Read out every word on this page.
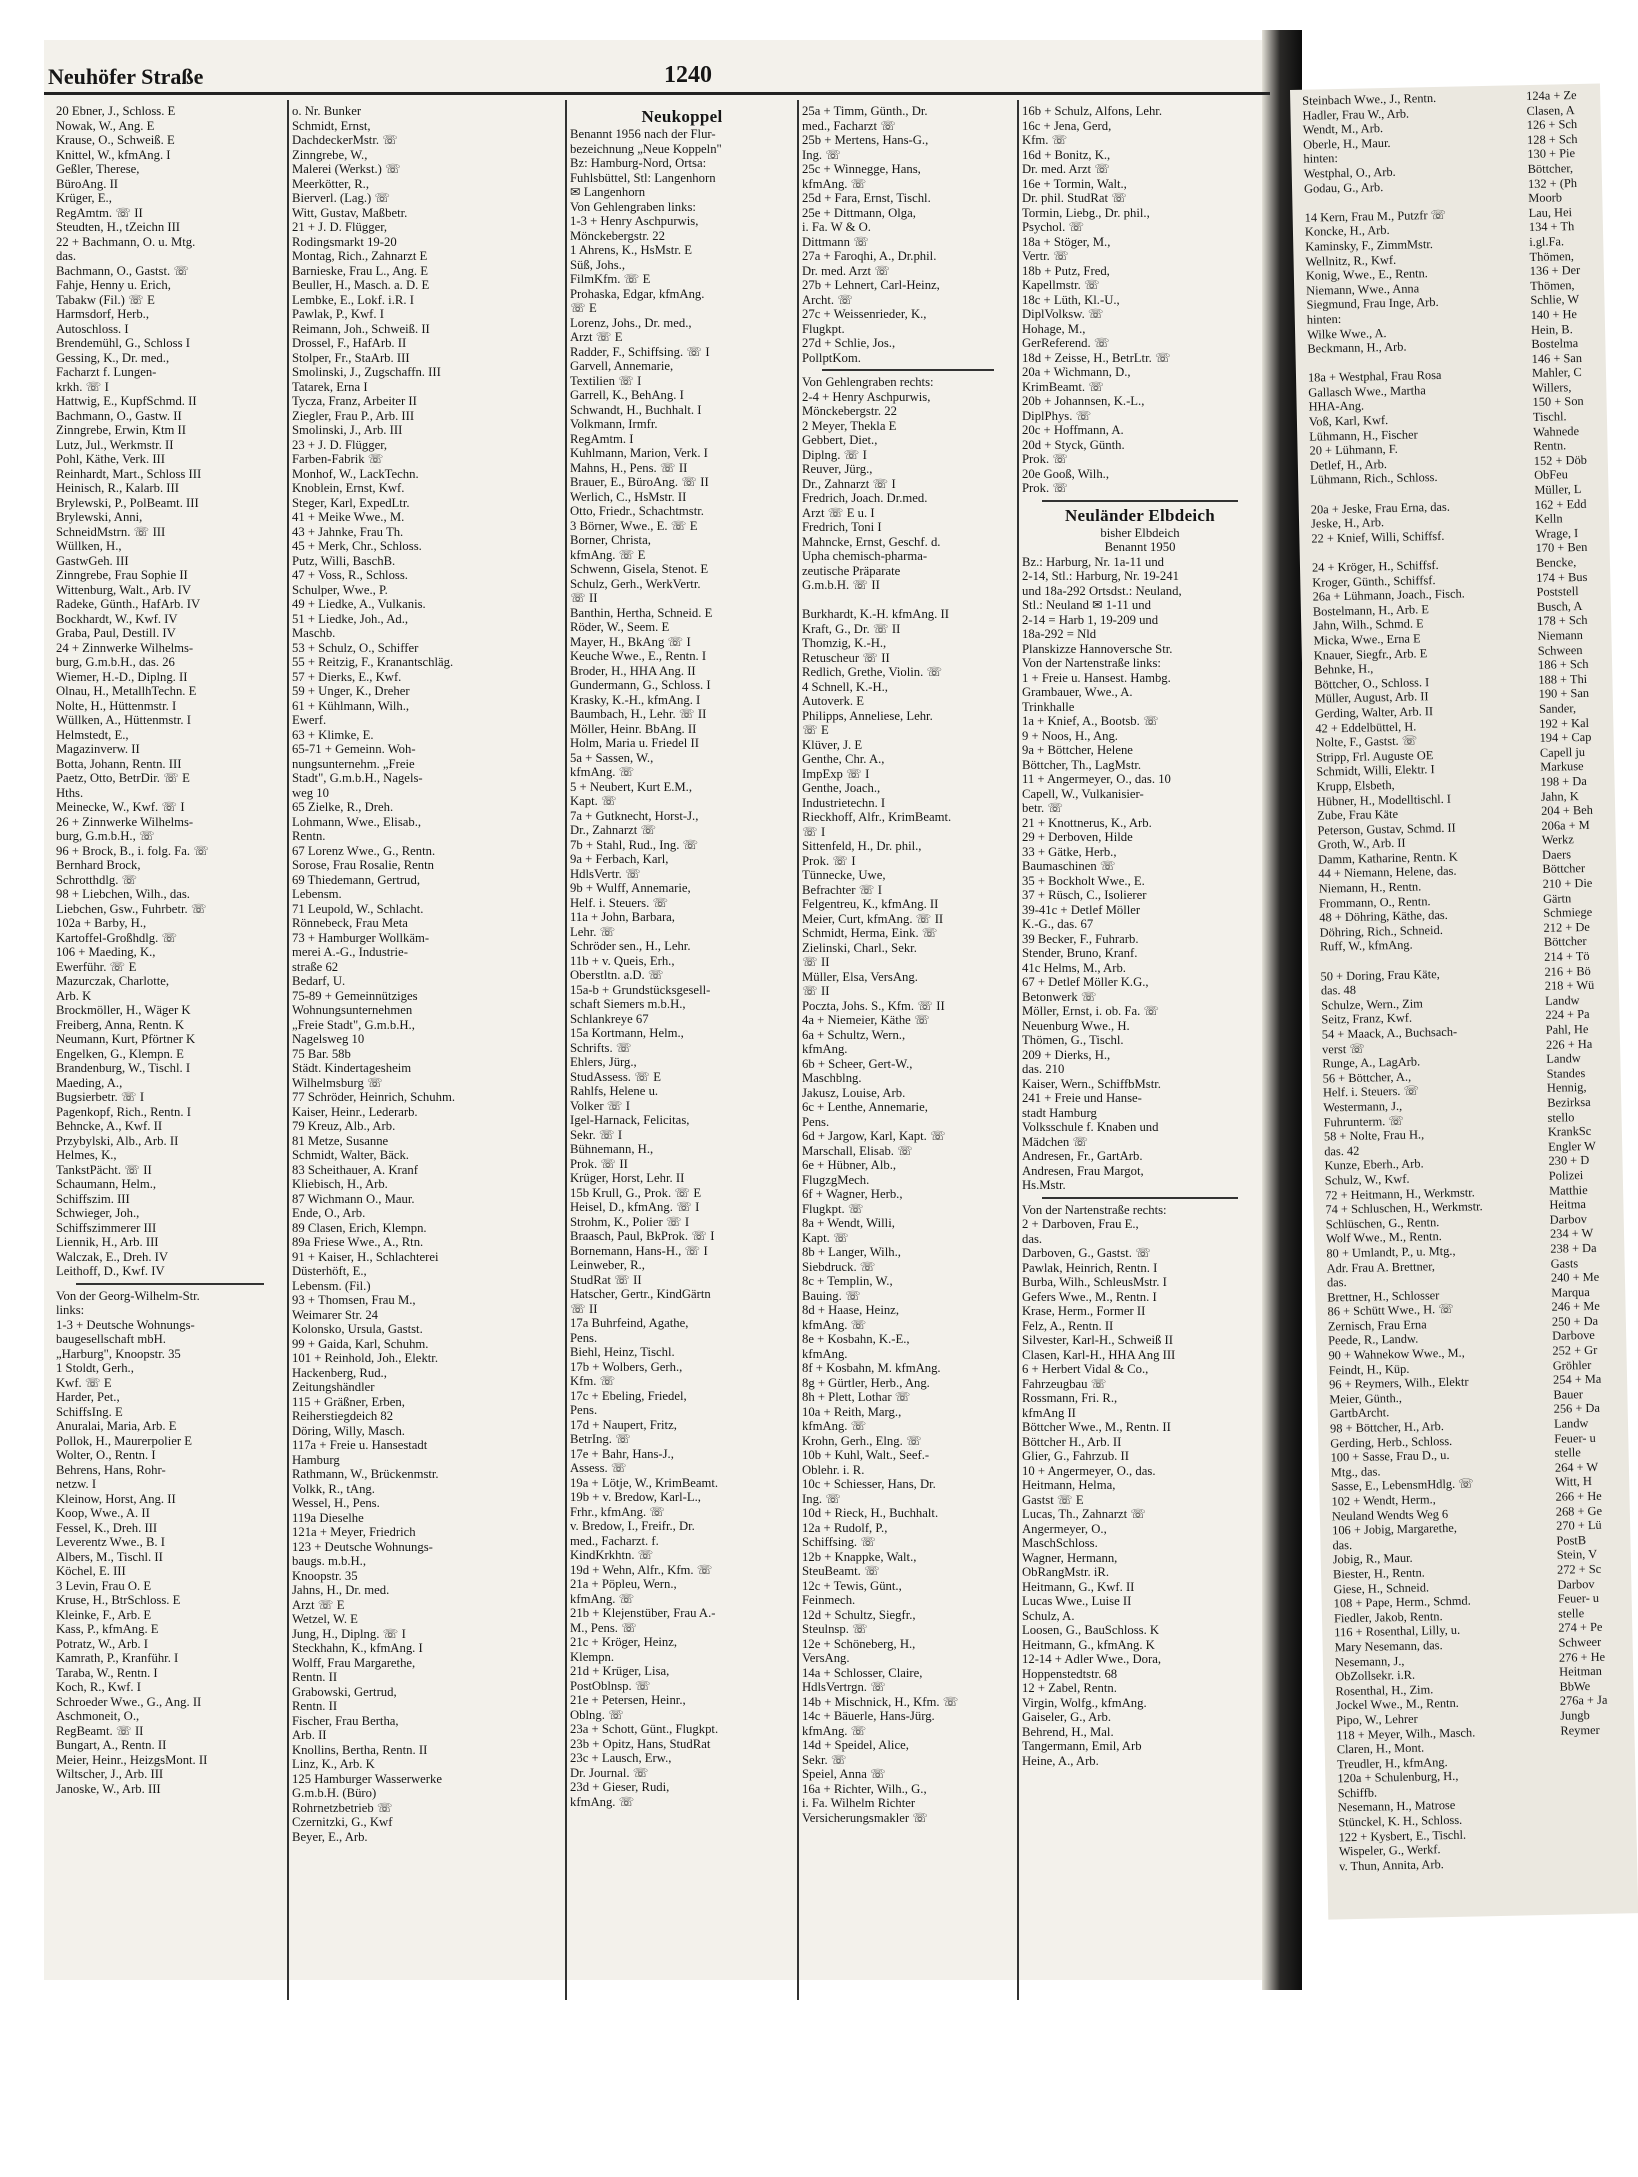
Steinbach Wwe., J., Rentn.
Hadler, Frau W., Arb.
Wendt, M., Arb.
Oberle, H., Maur.
hinten:
Westphal, O., Arb.
Godau, G., Arb.

14 Kern, Frau M., Putzfr ☏
Koncke, H., Arb.
Kaminsky, F., ZimmMstr.
Wellnitz, R., Kwf.
Konig, Wwe., E., Rentn.
Niemann, Wwe., Anna
Siegmund, Frau Inge, Arb.
hinten:
Wilke Wwe., A.
Beckmann, H., Arb.

18a + Westphal, Frau Rosa
Gallasch Wwe., Martha
HHA-Ang.
Voß, Karl, Kwf.
Lühmann, H., Fischer
20 + Lühmann, F.
Detlef, H., Arb.
Lühmann, Rich., Schloss.

20a + Jeske, Frau Erna, das.
Jeske, H., Arb.
22 + Knief, Willi, Schiffsf.

24 + Kröger, H., Schiffsf.
Kroger, Günth., Schiffsf.
26a + Lühmann, Joach., Fisch.
Bostelmann, H., Arb. E
Jahn, Wilh., Schmd. E
Micka, Wwe., Erna E
Knauer, Siegfr., Arb. E
Behnke, H.,
Böttcher, O., Schloss. I
Müller, August, Arb. II
Gerding, Walter, Arb. II
42 + Eddelbüttel, H.
Nolte, F., Gastst. ☏
Stripp, Frl. Auguste OE
Schmidt, Willi, Elektr. I
Krupp, Elsbeth,
Hübner, H., Modelltischl. I
Zube, Frau Käte
Peterson, Gustav, Schmd. II
Groth, W., Arb. II
Damm, Katharine, Rentn. K
44 + Niemann, Helene, das.
Niemann, H., Rentn.
Frommann, O., Rentn.
48 + Döhring, Käthe, das.
Döhring, Rich., Schneid.
Ruff, W., kfmAng.

50 + Doring, Frau Käte,
das. 48
Schulze, Wern., Zim
Seitz, Franz, Kwf.
54 + Maack, A., Buchsach-
verst ☏
Runge, A., LagArb.
56 + Böttcher, A.,
Helf. i. Steuers. ☏
Westermann, J.,
Fuhrunterm. ☏
58 + Nolte, Frau H.,
das. 42
Kunze, Eberh., Arb.
Schulz, W., Kwf.
72 + Heitmann, H., Werkmstr.
74 + Schluschen, H., Werkmstr.
Schlüschen, G., Rentn.
Wolf Wwe., M., Rentn.
80 + Umlandt, P., u. Mtg.,
Adr. Frau A. Brettner,
das.
Brettner, H., Schlosser
86 + Schütt Wwe., H. ☏
Zernisch, Frau Erna
Peede, R., Landw.
90 + Wahnekow Wwe., M.,
Feindt, H., Küp.
96 + Reymers, Wilh., Elektr
Meier, Günth.,
GartbArcht.
98 + Böttcher, H., Arb.
Gerding, Herb., Schloss.
100 + Sasse, Frau D., u.
Mtg., das.
Sasse, E., LebensmHdlg. ☏
102 + Wendt, Herm.,
Neuland Wendts Weg 6
106 + Jobig, Margarethe,
das.
Jobig, R., Maur.
Biester, H., Rentn.
Giese, H., Schneid.
108 + Pape, Herm., Schmd.
Fiedler, Jakob, Rentn.
116 + Rosenthal, Lilly, u.
Mary Nesemann, das.
Nesemann, J.,
ObZollsekr. i.R.
Rosenthal, H., Zim.
Jockel Wwe., M., Rentn.
Pipo, W., Lehrer
118 + Meyer, Wilh., Masch.
Claren, H., Mont.
Treudler, H., kfmAng.
120a + Schulenburg, H.,
Schiffb.
Nesemann, H., Matrose
Stünckel, K. H., Schloss.
122 + Kysbert, E., Tischl.
Wispeler, G., Werkf.
v. Thun, Annita, Arb.
124a + Ze
Clasen, A
126 + Sch
128 + Sch
130 + Pie
Böttcher,
132 + (Ph
Moorb
Lau, Hei
134 + Th
i.gl.Fa.
Thömen,
136 + Der
Thömen,
Schlie, W
140 + He
Hein, B.
Bostelma
146 + San
Mahler, C
Willers,
150 + Son
Tischl.
Wahnede
Rentn.
152 + Döb
ObFeu
Müller, L
162 + Edd
Kelln
Wrage, I
170 + Ben
Bencke,
174 + Bus
Poststell
Busch, A
178 + Sch
Niemann
Schween
186 + Sch
188 + Thi
190 + San
Sander,
192 + Kal
194 + Cap
Capell ju
Markuse
198 + Da
Jahn, K
204 + Beh
206a + M
Werkz
Daers
Böttcher
210 + Die
Gärtn
Schmiege
212 + De
Böttcher
214 + Tö
216 + Bö
218 + Wü
Landw
224 + Pa
Pahl, He
226 + Ha
Landw
Standes
Hennig,
Bezirksa
stello
KrankSc
Engler W
230 + D
Polizei
Matthie
Heitma
Darbov
234 + W
238 + Da
Gasts
240 + Me
Marqua
246 + Me
250 + Da
Darbove
252 + Gr
Gröhler
254 + Ma
Bauer
256 + Da
Landw
Feuer- u
stelle
264 + W
Witt, H
266 + He
268 + Ge
270 + Lü
PostB
Stein, V
272 + Sc
Darbov
Feuer- u
stelle
274 + Pe
Schweer
276 + He
Heitman
BbWe
276a + Ja
Jungb
Reymer
Neuhöfer Straße	1240
20 Ebner, J., Schloss. E
Nowak, W., Ang. E
Krause, O., Schweiß. E
Knittel, W., kfmAng. I
Geßler, Therese,
BüroAng. II
Krüger, E.,
RegAmtm. ☏ II
Steudten, H., tZeichn III
22 + Bachmann, O. u. Mtg.
das.
Bachmann, O., Gastst. ☏
Fahje, Henny u. Erich,
Tabakw (Fil.) ☏ E
Harmsdorf, Herb.,
Autoschloss. I
Brendemühl, G., Schloss I
Gessing, K., Dr. med.,
Facharzt f. Lungen-
krkh. ☏ I
Hattwig, E., KupfSchmd. II
Bachmann, O., Gastw. II
Zinngrebe, Erwin, Ktm II
Lutz, Jul., Werkmstr. II
Pohl, Käthe, Verk. III
Reinhardt, Mart., Schloss III
Heinisch, R., Kalarb. III
Brylewski, P., PolBeamt. III
Brylewski, Anni,
SchneidMstrn. ☏ III
Wüllken, H.,
GastwGeh. III
Zinngrebe, Frau Sophie II
Wittenburg, Walt., Arb. IV
Radeke, Günth., HafArb. IV
Bockhardt, W., Kwf. IV
Graba, Paul, Destill. IV
24 + Zinnwerke Wilhelms-
burg, G.m.b.H., das. 26
Wiemer, H.-D., Diplng. II
Olnau, H., MetallhTechn. E
Nolte, H., Hüttenmstr. I
Wüllken, A., Hüttenmstr. I
Helmstedt, E.,
Magazinverw. II
Botta, Johann, Rentn. III
Paetz, Otto, BetrDir. ☏ E
Hths.
Meinecke, W., Kwf. ☏ I
26 + Zinnwerke Wilhelms-
burg, G.m.b.H., ☏
96 + Brock, B., i. folg. Fa. ☏
Bernhard Brock,
Schrotthdlg. ☏
98 + Liebchen, Wilh., das.
Liebchen, Gsw., Fuhrbetr. ☏
102a + Barby, H.,
Kartoffel-Großhdlg. ☏
106 + Maeding, K.,
Ewerführ. ☏ E
Mazurczak, Charlotte,
Arb. K
Brockmöller, H., Wäger K
Freiberg, Anna, Rentn. K
Neumann, Kurt, Pförtner K
Engelken, G., Klempn. E
Brandenburg, W., Tischl. I
Maeding, A.,
Bugsierbetr. ☏ I
Pagenkopf, Rich., Rentn. I
Behncke, A., Kwf. II
Przybylski, Alb., Arb. II
Helmes, K.,
TankstPächt. ☏ II
Schaumann, Helm.,
Schiffszim. III
Schwieger, Joh.,
Schiffszimmerer III
Liennik, H., Arb. III
Walczak, E., Dreh. IV
Leithoff, D., Kwf. IV
Von der Georg-Wilhelm-Str.
links:
1-3 + Deutsche Wohnungs-
baugesellschaft mbH.
„Harburg", Knoopstr. 35
1 Stoldt, Gerh.,
Kwf. ☏ E
Harder, Pet.,
SchiffsIng. E
Anuralai, Maria, Arb. E
Pollok, H., Maurerpolier E
Wolter, O., Rentn. I
Behrens, Hans, Rohr-
netzw. I
Kleinow, Horst, Ang. II
Koop, Wwe., A. II
Fessel, K., Dreh. III
Leverentz Wwe., B. I
Albers, M., Tischl. II
Köchel, E. III
3 Levin, Frau O. E
Kruse, H., BtrSchloss. E
Kleinke, F., Arb. E
Kass, P., kfmAng. E
Potratz, W., Arb. I
Kamrath, P., Kranführ. I
Taraba, W., Rentn. I
Koch, R., Kwf. I
Schroeder Wwe., G., Ang. II
Aschmoneit, O.,
RegBeamt. ☏ II
Bungart, A., Rentn. II
Meier, Heinr., HeizgsMont. II
Wiltscher, J., Arb. III
Janoske, W., Arb. III
o. Nr. Bunker
Schmidt, Ernst,
DachdeckerMstr. ☏
Zinngrebe, W.,
Malerei (Werkst.) ☏
Meerkötter, R.,
Bierverl. (Lag.) ☏
Witt, Gustav, Maßbetr.
21 + J. D. Flügger,
Rodingsmarkt 19-20
Montag, Rich., Zahnarzt E
Barnieske, Frau L., Ang. E
Beuller, H., Masch. a. D. E
Lembke, E., Lokf. i.R. I
Pawlak, P., Kwf. I
Reimann, Joh., Schweiß. II
Drossel, F., HafArb. II
Stolper, Fr., StaArb. III
Smolinski, J., Zugschaffn. III
Tatarek, Erna I
Tycza, Franz, Arbeiter II
Ziegler, Frau P., Arb. III
Smolinski, J., Arb. III
23 + J. D. Flügger,
Farben-Fabrik ☏
Monhof, W., LackTechn.
Knoblein, Ernst, Kwf.
Steger, Karl, ExpedLtr.
41 + Meike Wwe., M.
43 + Jahnke, Frau Th.
45 + Merk, Chr., Schloss.
Putz, Willi, BaschB.
47 + Voss, R., Schloss.
Schulper, Wwe., P.
49 + Liedke, A., Vulkanis.
51 + Liedke, Joh., Ad.,
Maschb.
53 + Schulz, O., Schiffer
55 + Reitzig, F., Kranantschläg.
57 + Dierks, E., Kwf.
59 + Unger, K., Dreher
61 + Kühlmann, Wilh.,
Ewerf.
63 + Klimke, E.
65-71 + Gemeinn. Woh-
nungsunternehm. „Freie
Stadt", G.m.b.H., Nagels-
weg 10
65 Zielke, R., Dreh.
Lohmann, Wwe., Elisab.,
Rentn.
67 Lorenz Wwe., G., Rentn.
Sorose, Frau Rosalie, Rentn
69 Thiedemann, Gertrud,
Lebensm.
71 Leupold, W., Schlacht.
Rönnebeck, Frau Meta
73 + Hamburger Wollkäm-
merei A.-G., Industrie-
straße 62
Bedarf, U.
75-89 + Gemeinnütziges
Wohnungsunternehmen
„Freie Stadt", G.m.b.H.,
Nagelsweg 10
75 Bar. 58b
Städt. Kindertagesheim
Wilhelmsburg ☏
77 Schröder, Heinrich, Schuhm.
Kaiser, Heinr., Lederarb.
79 Kreuz, Alb., Arb.
81 Metze, Susanne
Schmidt, Walter, Bäck.
83 Scheithauer, A. Kranf
Kliebisch, H., Arb.
87 Wichmann O., Maur.
Ende, O., Arb.
89 Clasen, Erich, Klempn.
89a Friese Wwe., A., Rtn.
91 + Kaiser, H., Schlachterei
Düsterhöft, E.,
Lebensm. (Fil.)
93 + Thomsen, Frau M.,
Weimarer Str. 24
Kolonsko, Ursula, Gastst.
99 + Gaida, Karl, Schuhm.
101 + Reinhold, Joh., Elektr.
Hackenberg, Rud.,
Zeitungshändler
115 + Gräßner, Erben,
Reiherstiegdeich 82
Döring, Willy, Masch.
117a + Freie u. Hansestadt
Hamburg
Rathmann, W., Brückenmstr.
Volkk, R., tAng.
Wessel, H., Pens.
119a Dieselhe
121a + Meyer, Friedrich
123 + Deutsche Wohnungs-
baugs. m.b.H.,
Knoopstr. 35
Jahns, H., Dr. med.
Arzt ☏ E
Wetzel, W. E
Jung, H., Diplng. ☏ I
Steckhahn, K., kfmAng. I
Wolff, Frau Margarethe,
Rentn. II
Grabowski, Gertrud,
Rentn. II
Fischer, Frau Bertha,
Arb. II
Knollins, Bertha, Rentn. II
Linz, K., Arb. K
125 Hamburger Wasserwerke
G.m.b.H. (Büro)
Rohrnetzbetrieb ☏
Czernitzki, G., Kwf
Beyer, E., Arb.
Neukoppel
Benannt 1956 nach der Flur-
bezeichnung „Neue Koppeln"
Bz: Hamburg-Nord, Ortsa:
Fuhlsbüttel, Stl: Langenhorn
✉ Langenhorn
Von Gehlengraben links:
1-3 + Henry Aschpurwis,
Mönckebergstr. 22
1 Ahrens, K., HsMstr. E
Süß, Johs.,
FilmKfm. ☏ E
Prohaska, Edgar, kfmAng.
☏ E
Lorenz, Johs., Dr. med.,
Arzt ☏ E
Radder, F., Schiffsing. ☏ I
Garvell, Annemarie,
Textilien ☏ I
Garrell, K., BehAng. I
Schwandt, H., Buchhalt. I
Volkmann, Irmfr.
RegAmtm. I
Kuhlmann, Marion, Verk. I
Mahns, H., Pens. ☏ II
Brauer, E., BüroAng. ☏ II
Werlich, C., HsMstr. II
Otto, Friedr., Schachtmstr.
3 Börner, Wwe., E. ☏ E
Borner, Christa,
kfmAng. ☏ E
Schwenn, Gisela, Stenot. E
Schulz, Gerh., WerkVertr.
☏ II
Banthin, Hertha, Schneid. E
Röder, W., Seem. E
Mayer, H., BkAng ☏ I
Keuche Wwe., E., Rentn. I
Broder, H., HHA Ang. II
Gundermann, G., Schloss. I
Krasky, K.-H., kfmAng. I
Baumbach, H., Lehr. ☏ II
Möller, Heinr. BbAng. II
Holm, Maria u. Friedel II
5a + Sassen, W.,
kfmAng. ☏
5 + Neubert, Kurt E.M.,
Kapt. ☏
7a + Gutknecht, Horst-J.,
Dr., Zahnarzt ☏
7b + Stahl, Rud., Ing. ☏
9a + Ferbach, Karl,
HdlsVertr. ☏
9b + Wulff, Annemarie,
Helf. i. Steuers. ☏
11a + John, Barbara,
Lehr. ☏
Schröder sen., H., Lehr.
11b + v. Queis, Erh.,
Oberstltn. a.D. ☏
15a-b + Grundstücksgesell-
schaft Siemers m.b.H.,
Schlankreye 67
15a Kortmann, Helm.,
Schrifts. ☏
Ehlers, Jürg.,
StudAssess. ☏ E
Rahlfs, Helene u.
Volker ☏ I
Igel-Harnack, Felicitas,
Sekr. ☏ I
Bühnemann, H.,
Prok. ☏ II
Krüger, Horst, Lehr. II
15b Krull, G., Prok. ☏ E
Heisel, D., kfmAng. ☏ I
Strohm, K., Polier ☏ I
Braasch, Paul, BkProk. ☏ I
Bornemann, Hans-H., ☏ I
Leinweber, R.,
StudRat ☏ II
Hatscher, Gertr., KindGärtn
☏ II
17a Buhrfeind, Agathe,
Pens.
Biehl, Heinz, Tischl.
17b + Wolbers, Gerh.,
Kfm. ☏
17c + Ebeling, Friedel,
Pens.
17d + Naupert, Fritz,
BetrIng. ☏
17e + Bahr, Hans-J.,
Assess. ☏
19a + Lötje, W., KrimBeamt.
19b + v. Bredow, Karl-L.,
Frhr., kfmAng. ☏
v. Bredow, I., Freifr., Dr.
med., Facharzt. f.
KindKrkhtn. ☏
19d + Wehn, Alfr., Kfm. ☏
21a + Pöpleu, Wern.,
kfmAng. ☏
21b + Klejenstüber, Frau A.-
M., Pens. ☏
21c + Kröger, Heinz,
Klempn.
21d + Krüger, Lisa,
PostOblnsp. ☏
21e + Petersen, Heinr.,
Oblng. ☏
23a + Schott, Günt., Flugkpt.
23b + Opitz, Hans, StudRat
23c + Lausch, Erw.,
Dr. Journal. ☏
23d + Gieser, Rudi,
kfmAng. ☏
25a + Timm, Günth., Dr.
med., Facharzt ☏
25b + Mertens, Hans-G.,
Ing. ☏
25c + Winnegge, Hans,
kfmAng. ☏
25d + Fara, Ernst, Tischl.
25e + Dittmann, Olga,
i. Fa. W & O.
Dittmann ☏
27a + Faroqhi, A., Dr.phil.
Dr. med. Arzt ☏
27b + Lehnert, Carl-Heinz,
Archt. ☏
27c + Weissenrieder, K.,
Flugkpt.
27d + Schlie, Jos.,
PollptKom.
Von Gehlengraben rechts:
2-4 + Henry Aschpurwis,
Mönckebergstr. 22
2 Meyer, Thekla E
Gebbert, Diet.,
Diplng. ☏ I
Reuver, Jürg.,
Dr., Zahnarzt ☏ I
Fredrich, Joach. Dr.med.
Arzt ☏ E u. I
Fredrich, Toni I
Mahncke, Ernst, Geschf. d.
Upha chemisch-pharma-
zeutische Präparate
G.m.b.H. ☏ II

Burkhardt, K.-H. kfmAng. II
Kraft, G., Dr. ☏ II
Thomzig, K.-H.,
Retuscheur ☏ II
Redlich, Grethe, Violin. ☏
4 Schnell, K.-H.,
Autoverk. E
Philipps, Anneliese, Lehr.
☏ E
Klüver, J. E
Genthe, Chr. A.,
ImpExp ☏ I
Genthe, Joach.,
Industrietechn. I
Rieckhoff, Alfr., KrimBeamt.
☏ I
Sittenfeld, H., Dr. phil.,
Prok. ☏ I
Tünnecke, Uwe,
Befrachter ☏ I
Felgentreu, K., kfmAng. II
Meier, Curt, kfmAng. ☏ II
Schmidt, Herma, Eink. ☏
Zielinski, Charl., Sekr.
☏ II
Müller, Elsa, VersAng.
☏ II
Poczta, Johs. S., Kfm. ☏ II
4a + Niemeier, Käthe ☏
6a + Schultz, Wern.,
kfmAng.
6b + Scheer, Gert-W.,
Maschblng.
Jakusz, Louise, Arb.
6c + Lenthe, Annemarie,
Pens.
6d + Jargow, Karl, Kapt. ☏
Marschall, Elisab. ☏
6e + Hübner, Alb.,
FlugzgMech.
6f + Wagner, Herb.,
Flugkpt. ☏
8a + Wendt, Willi,
Kapt. ☏
8b + Langer, Wilh.,
Siebdruck. ☏
8c + Templin, W.,
Bauing. ☏
8d + Haase, Heinz,
kfmAng. ☏
8e + Kosbahn, K.-E.,
kfmAng.
8f + Kosbahn, M. kfmAng.
8g + Gürtler, Herb., Ang.
8h + Plett, Lothar ☏
10a + Reith, Marg.,
kfmAng. ☏
Krohn, Gerh., Elng. ☏
10b + Kuhl, Walt., Seef.-
Oblehr. i. R.
10c + Schiesser, Hans, Dr.
Ing. ☏
10d + Rieck, H., Buchhalt.
12a + Rudolf, P.,
Schiffsing. ☏
12b + Knappke, Walt.,
SteuBeamt. ☏
12c + Tewis, Günt.,
Feinmech.
12d + Schultz, Siegfr.,
Steulnsp. ☏
12e + Schöneberg, H.,
VersAng.
14a + Schlosser, Claire,
HdlsVertrgn. ☏
14b + Mischnick, H., Kfm. ☏
14c + Bäuerle, Hans-Jürg.
kfmAng. ☏
14d + Speidel, Alice,
Sekr. ☏
Speiel, Anna ☏
16a + Richter, Wilh., G.,
i. Fa. Wilhelm Richter
Versicherungsmakler ☏
16b + Schulz, Alfons, Lehr.
16c + Jena, Gerd,
Kfm. ☏
16d + Bonitz, K.,
Dr. med. Arzt ☏
16e + Tormin, Walt.,
Dr. phil. StudRat ☏
Tormin, Liebg., Dr. phil.,
Psychol. ☏
18a + Stöger, M.,
Vertr. ☏
18b + Putz, Fred,
Kapellmstr. ☏
18c + Lüth, Kl.-U.,
DiplVolksw. ☏
Hohage, M.,
GerReferend. ☏
18d + Zeisse, H., BetrLtr. ☏
20a + Wichmann, D.,
KrimBeamt. ☏
20b + Johannsen, K.-L.,
DiplPhys. ☏
20c + Hoffmann, A.
20d + Styck, Günth.
Prok. ☏
20e Gooß, Wilh.,
Prok. ☏
Neuländer Elbdeich
bisher Elbdeich
Benannt 1950
Bz.: Harburg, Nr. 1a-11 und
2-14, Stl.: Harburg, Nr. 19-241
und 18a-292 Ortsdst.: Neuland,
Stl.: Neuland ✉ 1-11 und
2-14 = Harb 1, 19-209 und
18a-292 = Nld
Planskizze Hannoversche Str.
Von der Nartenstraße links:
1 + Freie u. Hansest. Hambg.
Grambauer, Wwe., A.
Trinkhalle
1a + Knief, A., Bootsb. ☏
9 + Noos, H., Ang.
9a + Böttcher, Helene
Böttcher, Th., LagMstr.
11 + Angermeyer, O., das. 10
Capell, W., Vulkanisier-
betr. ☏
21 + Knottnerus, K., Arb.
29 + Derboven, Hilde
33 + Gätke, Herb.,
Baumaschinen ☏
35 + Bockholt Wwe., E.
37 + Rüsch, C., Isolierer
39-41c + Detlef Möller
K.-G., das. 67
39 Becker, F., Fuhrarb.
Stender, Bruno, Kranf.
41c Helms, M., Arb.
67 + Detlef Möller K.G.,
Betonwerk ☏
Möller, Ernst, i. ob. Fa. ☏
Neuenburg Wwe., H.
Thömen, G., Tischl.
209 + Dierks, H.,
das. 210
Kaiser, Wern., SchiffbMstr.
241 + Freie und Hanse-
stadt Hamburg
Volksschule f. Knaben und
Mädchen ☏
Andresen, Fr., GartArb.
Andresen, Frau Margot,
Hs.Mstr.
Von der Nartenstraße rechts:
2 + Darboven, Frau E.,
das.
Darboven, G., Gastst. ☏
Pawlak, Heinrich, Rentn. I
Burba, Wilh., SchleusMstr. I
Gefers Wwe., M., Rentn. I
Krase, Herm., Former II
Felz, A., Rentn. II
Silvester, Karl-H., Schweiß II
Clasen, Karl-H., HHA Ang III
6 + Herbert Vidal & Co.,
Fahrzeugbau ☏
Rossmann, Fri. R.,
kfmAng II
Böttcher Wwe., M., Rentn. II
Böttcher H., Arb. II
Glier, G., Fahrzub. II
10 + Angermeyer, O., das.
Heitmann, Helma,
Gastst ☏ E
Lucas, Th., Zahnarzt ☏
Angermeyer, O.,
MaschSchloss.
Wagner, Hermann,
ObRangMstr. iR.
Heitmann, G., Kwf. II
Lucas Wwe., Luise II
Schulz, A.
Loosen, G., BauSchloss. K
Heitmann, G., kfmAng. K
12-14 + Adler Wwe., Dora,
Hoppenstedtstr. 68
12 + Zabel, Rentn.
Virgin, Wolfg., kfmAng.
Gaiseler, G., Arb.
Behrend, H., Mal.
Tangermann, Emil, Arb
Heine, A., Arb.
